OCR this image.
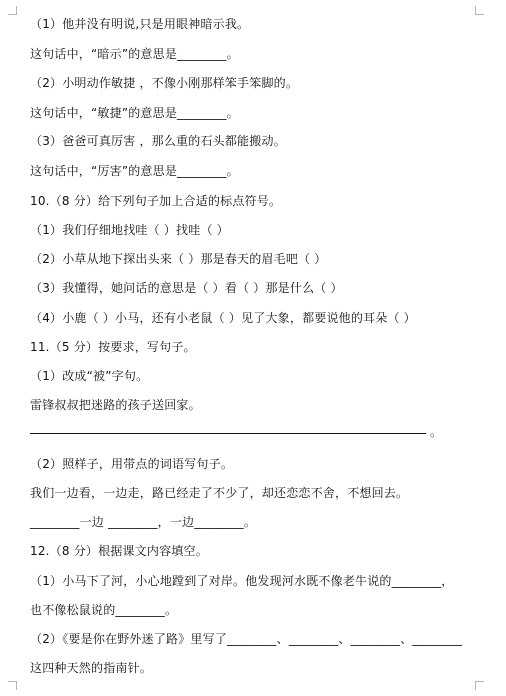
（1）他并没有明说,只是用眼神暗示我。
这句话中，“暗示”的意思是________。
（2）小明动作敏捷 ，不像小刚那样笨手笨脚的。
这句话中，“敏捷”的意思是________。
（3）爸爸可真厉害 ，那么重的石头都能搬动。
这句话中，“厉害”的意思是________。
10.（8 分）给下列句子加上合适的标点符号。
（1）我们仔细地找哇（ ）找哇（ ）
（2）小草从地下探出头来（ ）那是春天的眉毛吧（ ）
（3）我懂得，她问话的意思是（ ）看（ ）那是什么（ ）
（4）小鹿（ ）小马，还有小老鼠（ ）见了大象，都要说他的耳朵（ ）
11.（5 分）按要求，写句子。
（1）改成“被”字句。
雷锋叔叔把迷路的孩子送回家。
。
（2）照样子，用带点的词语写句子。
我们一边看，一边走，路已经走了不少了，却还恋恋不舍，不想回去。
________一边 ________，一边________。
12.（8 分）根据课文内容填空。
（1）小马下了河，小心地蹚到了对岸。他发现河水既不像老牛说的________，
也不像松鼠说的________。
（2）《要是你在野外迷了路》里写了________、________、________、________
这四种天然的指南针。
